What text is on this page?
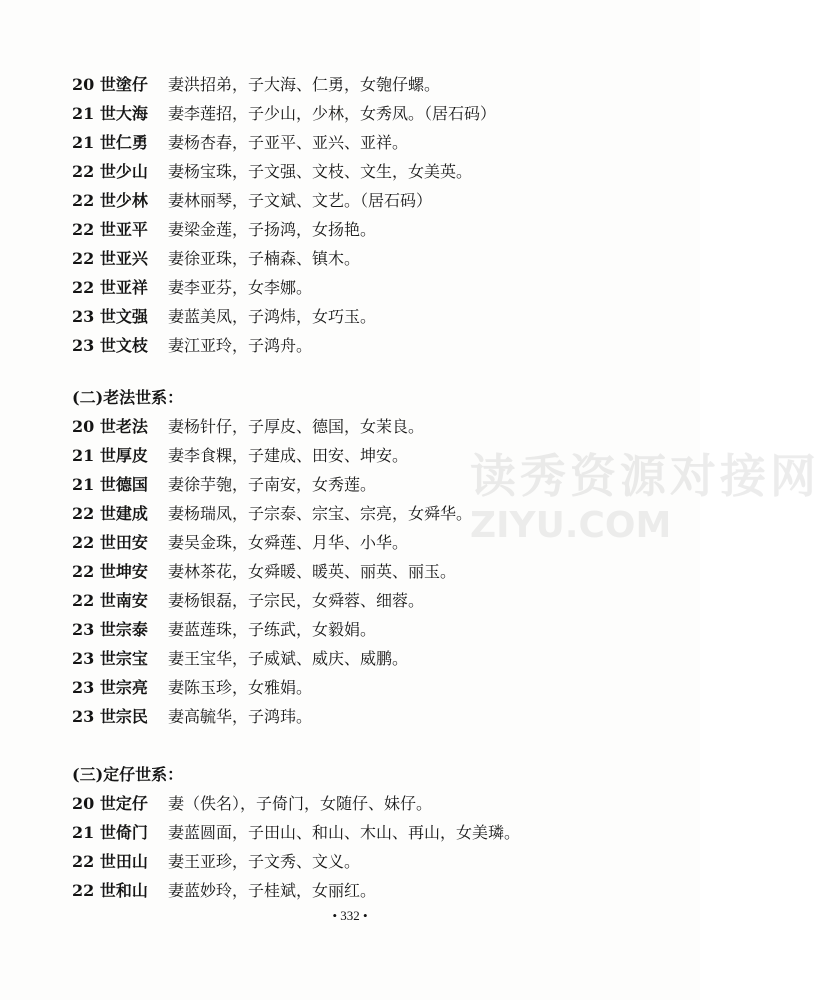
读秀资源对接网
ZIYU.COM
20 世塗仔 妻洪招弟，子大海、仁勇，女匏仔螺。
21 世大海 妻李莲招，子少山，少林，女秀凤。（居石码）
21 世仁勇 妻杨杏春，子亚平、亚兴、亚祥。
22 世少山 妻杨宝珠，子文强、文枝、文生，女美英。
22 世少林 妻林丽琴，子文斌、文艺。（居石码）
22 世亚平 妻梁金莲，子扬鸿，女扬艳。
22 世亚兴 妻徐亚珠，子楠森、镇木。
22 世亚祥 妻李亚芬，女李娜。
23 世文强 妻蓝美凤，子鸿炜，女巧玉。
23 世文枝 妻江亚玲，子鸿舟。
(二)老法世系：
20 世老法 妻杨针仔，子厚皮、德国，女茉良。
21 世厚皮 妻李食粿，子建成、田安、坤安。
21 世德国 妻徐芋匏，子南安，女秀莲。
22 世建成 妻杨瑞凤，子宗泰、宗宝、宗亮，女舜华。
22 世田安 妻吴金珠，女舜莲、月华、小华。
22 世坤安 妻林茶花，女舜暖、暖英、丽英、丽玉。
22 世南安 妻杨银磊，子宗民，女舜蓉、细蓉。
23 世宗泰 妻蓝莲珠，子练武，女毅娟。
23 世宗宝 妻王宝华，子威斌、威庆、威鹏。
23 世宗亮 妻陈玉珍，女雅娟。
23 世宗民 妻高毓华，子鸿玮。
(三)定仔世系：
20 世定仔 妻（佚名），子倚门，女随仔、妹仔。
21 世倚门 妻蓝圆面，子田山、和山、木山、再山，女美璘。
22 世田山 妻王亚珍，子文秀、文义。
22 世和山 妻蓝妙玲，子桂斌，女丽红。
• 332 •
